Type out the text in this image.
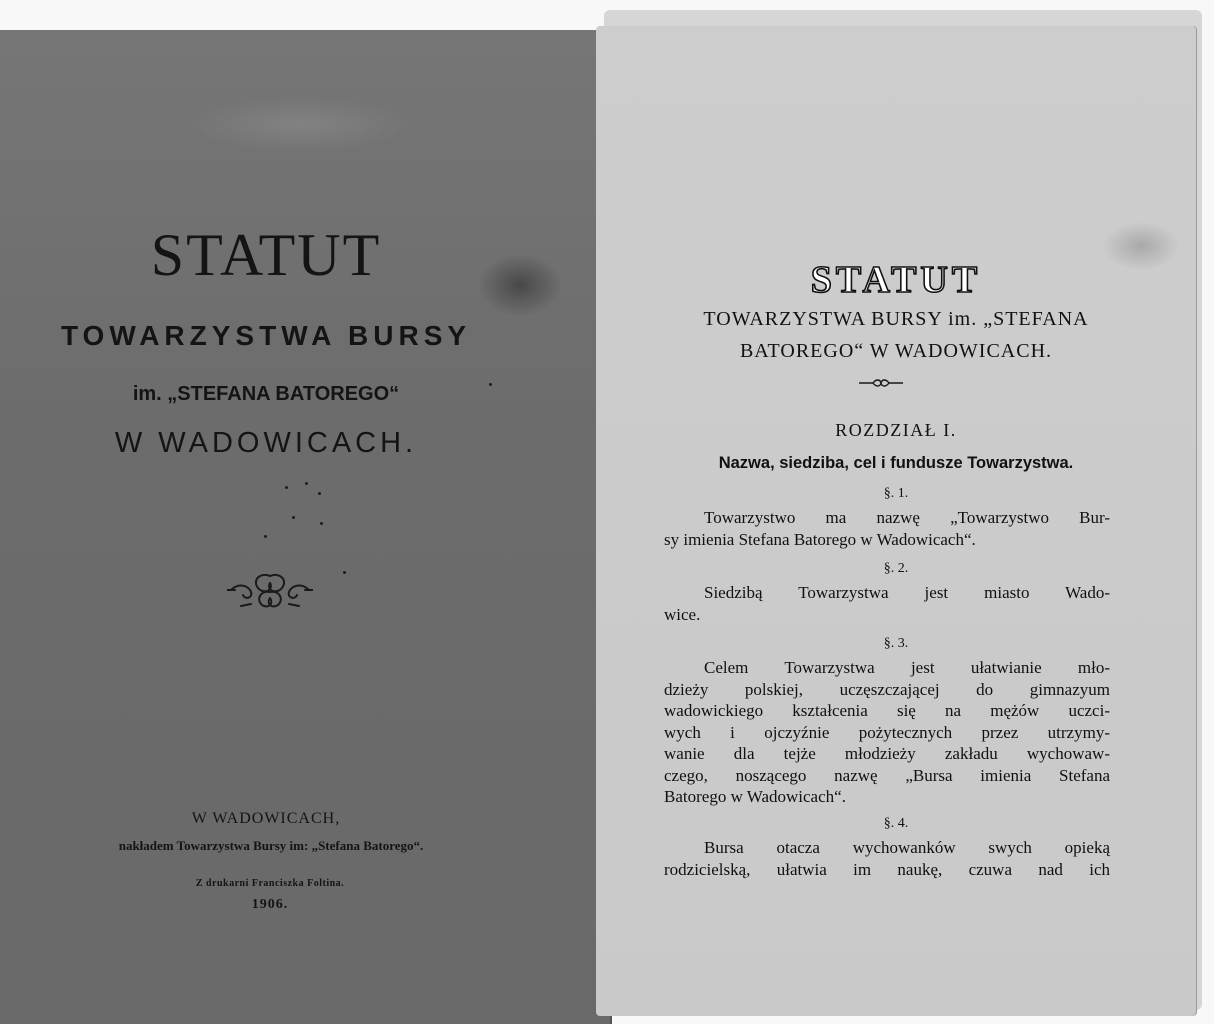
STATUT
TOWARZYSTWA BURSY
im. „STEFANA BATOREGO“
W WADOWICACH.
W WADOWICACH,
nakładem Towarzystwa Bursy im: „Stefana Batorego“.
Z drukarni Franciszka Foltina.
1906.
STATUT
TOWARZYSTWA BURSY im. „STEFANA
BATOREGO“ W WADOWICACH.
ROZDZIAŁ I.
Nazwa, siedziba, cel i fundusze Towarzystwa.
§. 1.
Towarzystwo ma nazwę „Towarzystwo Bur-
sy imienia Stefana Batorego w Wadowicach“.
§. 2.
Siedzibą Towarzystwa jest miasto Wado-
wice.
§. 3.
Celem Towarzystwa jest ułatwianie mło-
dzieży polskiej, uczęszczającej do gimnazyum
wadowickiego kształcenia się na mężów uczci-
wych i ojczyźnie pożytecznych przez utrzymy-
wanie dla tejże młodzieży zakładu wychowaw-
czego, noszącego nazwę „Bursa imienia Stefana
Batorego w Wadowicach“.
§. 4.
Bursa otacza wychowanków swych opieką
rodzicielską, ułatwia im naukę, czuwa nad ich
